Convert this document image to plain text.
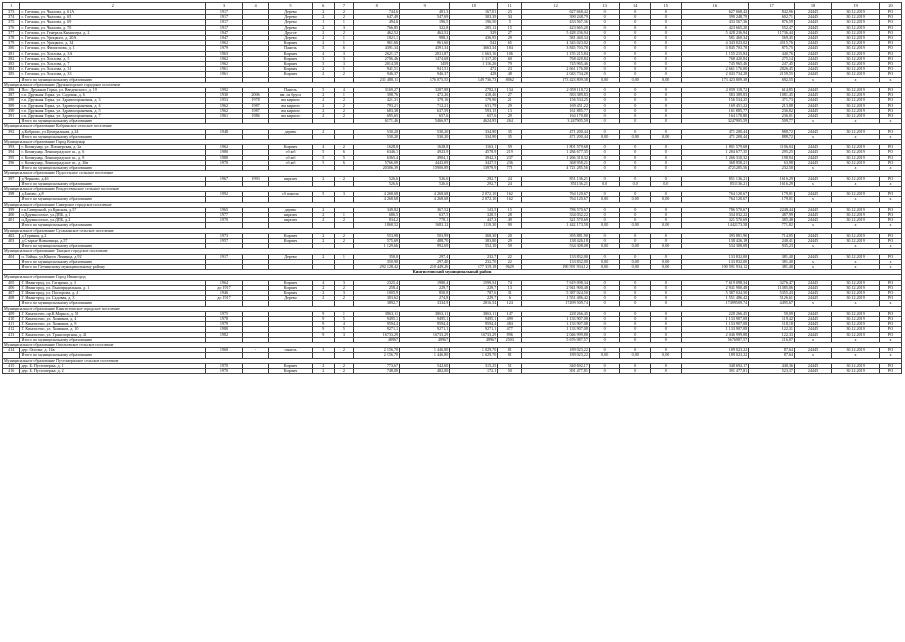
1	2	3	4	5	6	7	8	9	10	11	12	13	14	15	16	17	18	19	20
373	г. Гатчина, ул. Чкалова, д. 61А	1917		Дерево	2	2	744,6	481,3	167,01	23	627 668,42	0	0	0	627 668,42	842,96	24445	30.12.2019	РО
374	г. Гатчина, ул. Чкалова, д. 65	1917		Дерево	2	2	647,49	547,69	303,39	34	390 248,79	0	0	0	390 248,79	602,71	24445	30.12.2019	РО
375	г. Гатчина, ул. Чкалова, д. 69	1917		Дерево	1	1	494,6	196,5	196,50	5	433 567,36	0	0	0	433 567,36	876,59	24445	30.12.2019	РО
376	г. Гатчина, ул. Чкалова, д. 70	1917		Дерево	2	3	766,85	322,8	285,12	15	423 665,20	0	0	0	423 665,20	552,47	24445	30.12.2019	РО
377	г. Гатчина, ул. Генерала Кныппера, д. 2	1947		Другое	2	2	462,52	462,52	329	27	5 428 236,94	0	0	0	5 428 236,94	11736,44	24445	30.12.2019	РО
378	г. Гатчина, ул. Урицкого, д. 20А	1947		Дерево	2	1	1021,1	988,3	436,95	29	581 460,34	0	0	0	581 460,34	569,45	24445	30.12.2019	РО
379	г. Гатчина, ул. Урицкого, д. 34	1962		Кирпич	2	1	961,66	961,66	542	65	4 343 023,02	0	0	0	4 343 023,02	4515,76	24445	30.12.2019	РО
380	г. Гатчина, ул. Филиппова, д. 1	1979		Панель	5	6	4391,34	4391,34	3663,34	184	3 845 703,78	0	0	0	3 845 703,78	875,75	24445	30.12.2019	РО
381	г. Гатчина, ул. Хохлова, д. 3А	1963		Кирпич	4	3	2621,17	2031,87	1 663,16	106	1 155 215,84	0	0	0	1 155 215,84	440,76	24445	30.12.2019	РО
382	г. Гатчина, ул. Хохлова, д. 5	1962		Кирпич	3	3	2796,46	1474,68	1 317,20	60	768 420,84	0	0	0	768 420,84	275,14	24445	30.12.2019	РО
383	г. Гатчина, ул. Хохлова, д. 7	1962		Кирпич	3	3	2014,58	1459	1 116,26	79	745 965,46	0	0	0	745 965,46	247,45	24445	30.12.2019	РО
384	г. Гатчина, ул. Хохлова, д. 31	1961		Кирпич	2	1	941,51	941,51	472	23	2 661 176,00	0	0	0	2 661 176,00	2826,45	24445	30.12.2019	РО
385	г. Гатчина, ул. Хохлова, д. 33	1961		Кирпич	2	2	946,37	946,37	428	48	2 043 734,28	0	0	0	2 043 734,28	2159,55	24445	30.12.2019	РО
	Итого по муниципальному образованию						231 488,11	176 075,55	149 736,73	8062	173 423 809,38	0,00	0,00	0,00	173 423 809,38	692,55	х	х	х
Муниципальное образование Дружногорское городское поселение																			
386	Пос. Дружная Горка, ул. Введенского, д. 19	1992		Панель	5	4	3169,27	3287,88	2782,3	134	2 059 118,72	0	0	0	2 059 118,72	614,85	24445	30.12.2019	РО
387	г.п. Дружная Горка, ул. Садовая, д. 6	1930	2006	вм. из бруса	2	1	398,76	472,26	418,46	27	583 389,83	0	0	0	583 389,83	1081,45	24445	30.12.2019	РО
388	г.п. Дружная Горка, ул. Здравоохранения, д. 3	1953	1978	вм кирпич	2	2	421,31	379,16	179,90	21	156 534,25	0	0	0	156 534,25	371,73	24445	30.12.2019	РО
389	г.п. Дружная Горка, ул. Здравоохранения, д. 4	1962	1987	вм кирпич	2	2	793,21	712,21	631,79	29	169 451,22	0	0	0	169 451,22	213,88	24445	30.12.2019	РО
390	г.п. Дружная Горка, ул. Здравоохранения, д. 5	1962	1987	вм кирпич	2	2	683,38	637,59	593,15	13	161 885,77	0	0	0	161 885,77	236,82	24445	30.12.2019	РО
391	г.п. Дружная Горка, ул. Здравоохранения, д. 7	1961	1986	вм кирпич	2	2	695,65	657,6	657,6	29	164 170,80	0	0	0	164 170,80	236,01	24445	30.12.2019	РО
	Итого по муниципальному образованию						6171,46	5466,97	4624,95	264	3 247905,59	0	0	0	3247905,59	509,77	х	х	х
Муниципальное образование Кобринское сельское поселение																			
392	д.Кобрино, ул.Центральная, д.24	1948		дерево	2		530,20	530,20	334,90	35	471 200,44	0	0	0	471 200,44	888,72	24445	30.12.2019	РО
	Итого по муниципальному образованию						530,20	530,20	334,90	35	471 200,44	0,00	0,00	0,00	471 200,44	888,72	х	х	х
Муниципальное образование Город Коммунар																			
393	г. Коммунар, ул. Пионерская, д. 2а	1962		Кирпич	4	2	1628,8	1628,8	1163,1	59	1 801 579,68	0	0	0	1 801 579,68	1106,04	24445	30.12.2019	РО
394	г. Коммунар, Ленинградское ш., д. 6	1980		сб жб	5	6	6346,1	4923,9	4578,9	219	1 284 677,35	0	0	0	1 284 677,35	295,25	24445	30.12.2019	РО
395	г. Коммунар, Ленинградское ш., д. 8	1980		сб жб	5	5	6365,4	4904,1	3942,3	237	1 266 310,32	0	0	0	1 266 310,32	198,94	24445	30.12.2019	РО
396	г. Коммунар, Ленинградское ш., д. 26в	1970		сб жб	5	6	5766,09	4443,09	3427,5	236	368 958,21	0	0	0	368 958,21	63,98	24445	30.12.2019	РО
	Итого по муниципальному образованию						20306,39	15900,89	13979,9	771	4 721 285,56	0	0	0	4721285,56	232,50	х	х	х
Муниципальное образование Пудостьское сельское поселение																			
397	д.Черново, д.46	1967	1993	кирпич	2	2	526,6	526,6	292,7	24	851 136,21	0	0	0	851 136,21	1616,29	24445	30.12.2019	РО
	Итого по муниципальному образованию						526,6	526,6	292,7	24	851136,21	0,0	0,0	0,0	851136,21	1616,29	х	х	х
Муниципальное образование Рождественское сельское поселение																			
398	д.Батово, д.8	1992		сб панель	5	3	4 268,68	4 268,68	2 072,10	162	764 120,67	0	0	0	764 120,67	179,01	24445	30.12.2019	РО
	Итого по муниципальному образованию						4 268,68	4 268,68	2 072,10	162	764 120,67	0,00	0,00	0,00	764 120,67	179,01	х	х	х
Муниципальное образование Сиверское городское поселение																			
399	г.п.Сиверский, ул.Красная, д.57	1965		дерево	2		349,82	367,52	143,5	15	786 570,67	0	0	0	786 570,67	2248,44	24445	30.12.2019	РО
400	п.Дружноселье, ул.ДПБ, д.1	1977		кирпич	2	1	686,5	637,5	328,5	28	334 032,22	0	0	0	334 032,22	487,99	24445	30.12.2019	РО
401	п.Дружноселье, ул.ДПБ, д.2	1970		кирпич	2	2	834,2	778,1	447,3	49	321 570,69	0	0	0	321 570,69	385,48	24445	30.12.2019	РО
	Итого по муниципальному образованию						1868,52	1683,12	1119,30	90	1 442 173,58	0,00	0,00	0,00	1442173,58	771,82	х	х	х
Муниципальное образование Сусанинское сельское поселение																			
402	д.Туринка, д.2	1973		Кирпич	2	2	553,98	503,99	368,30	20	395 881,90	0	0	0	395 881,90	714,85	24445	30.12.2019	РО
403	д.Старые Низковицы, д.57	1957		Кирпич	2	2	575,69	488,70	383,80	29	138 426,18	0	0	0	138 426,18	240,41	24445	30.12.2019	РО
	Итого по муниципальному образованию						1 129,66	992,69	552,10	59	534 308,08	0,00	0,00	0,00	534 308,08	935,23	х	х	х
Муниципальное образование Таицкое городское поселение																			
404	п. Тайцы, ул.Юного Ленинца, д.92	1917		Дерево	2	1	350,0	297,4	232,7	22	133 832,00	0	0	0	133 832,00	381,40	24445	30.12.2019	РО
	Итого по муниципальному образованию						350,90	297,40	232,70	22	133 832,00	0,00	0,00	0,00	133 832,00	381,40	х	х	х
	Итого по Гатчинскому муниципальному району						292 128,42	210 449,26	177 319,18	9629	190 591 934,12	0,00	0,00	0,00	190 591 934,12	381,40	х	х	х
Кингисеппский муниципальный район																			
Муниципальное образование Город Ивангород																			
405	Г. Ивангород, ул. Гагарина, д. 3	1964		Кирпич	4	3	2325,4	1980,4	1599,54	74	7 619 098,34	0	0	0	7 619 098,34	3276,47	24445	30.12.2019	РО
406	Г. Ивангород, ул. Льнопрядильная, д. 1	до 1917		Кирпич	2	2	258,4	229,7	229,7	13	2 941 900,48	0	0	0	2 941 900,48	11385,06	24445	30.12.2019	РО
407	Г. Ивангород, ул. Пасторова, д. 4	1946		Кирпич	2	3	1005,9	850,8	787,6	31	5 387 024,50	0	0	0	5 387 024,50	5355,43	24445	30.12.2019	РО
408	Г. Ивангород, ул. Садовая, д. 3	до 1917		Дерево	2	2	303,62	274,8	229,7	6	1 551 486,42	0	0	0	1 551 486,42	5126,61	24445	30.12.2019	РО
	Итого по муниципальному образованию						3892,7	3334,9	2816,54	124	17499 509,74	0	0	0	17499509,74	4495,67	х	х	х
Муниципальное образование Кингисеппское городское поселение																			
409	Г. Кингисепп, пр.К.Маркса, д. 51	1975			9	1	3863,11	3863,11	3863,11	147	228 266,45	0	0	0	228 266,45	59,09	24445	30.12.2019	РО
410	Г. Кингисепп, ул. Химиков, д. 4	1978			9	5	9495,1	9495,1	9495,1	499	1 133 907,08	0	0	0	1 133 907,08	119,42	24445	30.12.2019	РО
411	Г. Кингисепп, ул. Химиков, д. 8	1979			9	4	9594,4	9594,4	9594,4	484	1 133 907,08	0	0	0	1 133 907,08	118,18	24445	30.12.2019	РО
412	Г. Кингисепп, ул. Химиков, д. 10	1980			9	5	9271,1	9271,1	9271,1	477	1 133 907,08	0	0	0	1 133 907,08	122,31	24445	30.12.2019	РО
413	Г. Кингисепп, ул. Транспортная, д. 41	1982			9	3	16733,29	16733,29	16733,29	896	2 046 999,88	0	0	0	2 046 999,88	122,33	24445	30.12.2019	РО
	Итого по муниципальному образованию						48967	48967	48967	2503	5 676 987,57	0	0	0	5676987,57	116,07	х	х	х
Муниципальное образование Опольевское сельское поселение																			
414	дер. Ополье, д. 14в	1960	-	панель	3	2	2 156,70	1 446,80	1 029,70	81	189 023,22	0	0	0	189 023,22	87,64	24445	30.12.2019	РО
	Итого по муниципальному образованию						2 156,70	1 446,80	1 029,70	81	189 023,22	0,00	0,00	0,00	189 023,22	87,64	х	х	х
Муниципальное образование Пустомержское сельское поселение																			
415	дер. Б. Пустомержа, д. 1	1970		Кирпич	2	2	773,67	542,60	315,25	51	340 692,17	0	0	0	340 692,17	440,36	24445	30.12.2019	РО
416	дер. Б. Пустомержа, д. 2	1970		Кирпич	2	2	748,00	482,00	172,1	50	391 477,81	0	0	0	391 477,81	523,37	24445	30.12.2019	РО
